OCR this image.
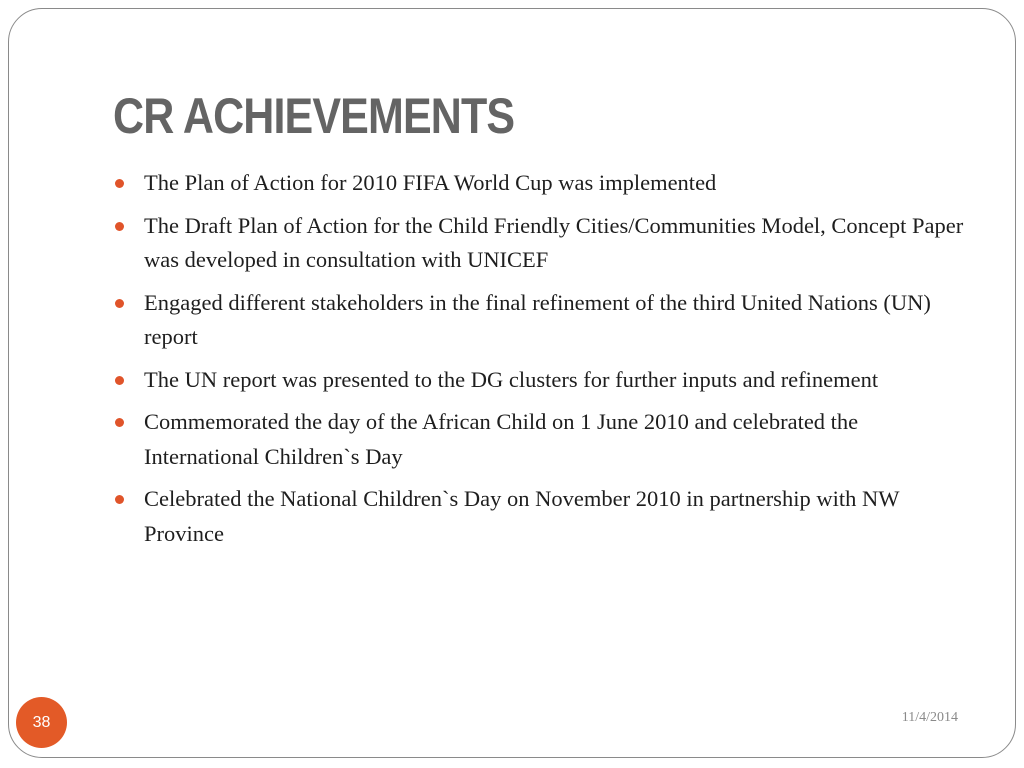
CR ACHIEVEMENTS
The Plan of Action for 2010 FIFA World Cup was implemented
The Draft Plan of Action for the Child Friendly Cities/Communities Model, Concept Paper was developed in consultation with UNICEF
Engaged different stakeholders in the final refinement of the third United Nations (UN) report
The UN report was presented to the DG clusters for further inputs and refinement
Commemorated the day of the African Child on 1 June 2010 and celebrated the International Children`s Day
Celebrated the National Children`s Day on November 2010 in partnership with NW Province
38	11/4/2014
